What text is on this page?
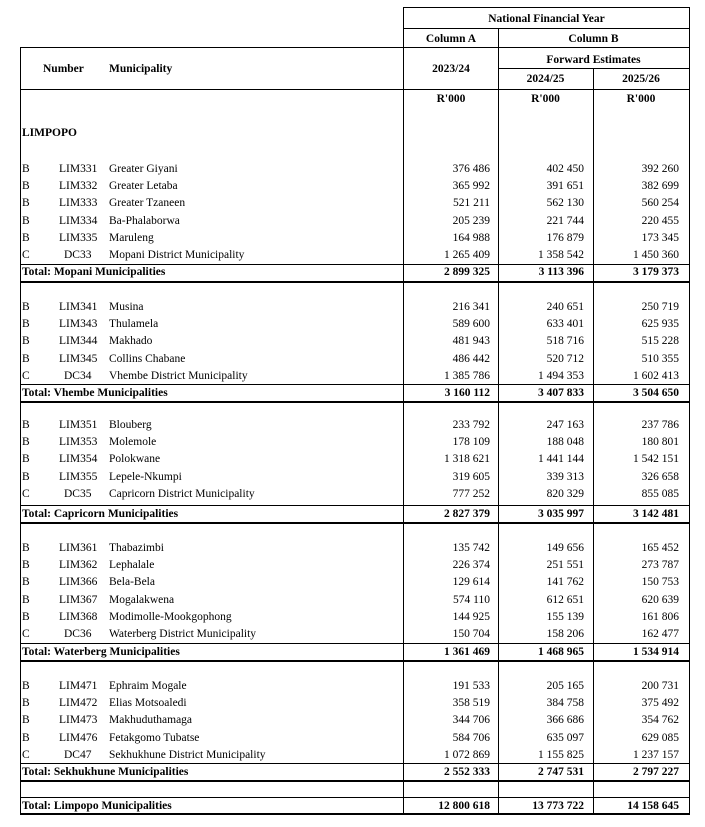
National Financial Year
Column A	Column B
Forward Estimates
Number Municipality	2023/24
2024/25	2025/26
R'000	R'000	R'000
LIMPOPO
B	LIM331 Greater Giyani	376 486	402 450	392 260
B	LIM332 Greater Letaba	365 992	391 651	382 699
B	LIM333 Greater Tzaneen	521 211	562 130	560 254
B	LIM334 Ba-Phalaborwa	205 239	221 744	220 455
B	LIM335 Maruleng	164 988	176 879	173 345
C	DC33 Mopani District Municipality	1 265 409	1 358 542	1 450 360
Total: Mopani Municipalities	2 899 325	3 113 396	3 179 373
B	LIM341 Musina	216 341	240 651	250 719
B	LIM343 Thulamela	589 600	633 401	625 935
B	LIM344 Makhado	481 943	518 716	515 228
B	LIM345 Collins Chabane	486 442	520 712	510 355
C	DC34 Vhembe District Municipality	1 385 786	1 494 353	1 602 413
Total: Vhembe Municipalities	3 160 112	3 407 833	3 504 650
B	LIM351 Blouberg	233 792	247 163	237 786
B	LIM353 Molemole	178 109	188 048	180 801
B	LIM354 Polokwane	1 318 621	1 441 144	1 542 151
B	LIM355 Lepele-Nkumpi	319 605	339 313	326 658
C	DC35 Capricorn District Municipality	777 252	820 329	855 085
Total: Capricorn Municipalities	2 827 379	3 035 997	3 142 481
B	LIM361 Thabazimbi	135 742	149 656	165 452
B	LIM362 Lephalale	226 374	251 551	273 787
B	LIM366 Bela-Bela	129 614	141 762	150 753
B	LIM367 Mogalakwena	574 110	612 651	620 639
B	LIM368 Modimolle-Mookgophong	144 925	155 139	161 806
C	DC36 Waterberg District Municipality	150 704	158 206	162 477
Total: Waterberg Municipalities	1 361 469	1 468 965	1 534 914
B	LIM471 Ephraim Mogale	191 533	205 165	200 731
B	LIM472 Elias Motsoaledi	358 519	384 758	375 492
B	LIM473 Makhuduthamaga	344 706	366 686	354 762
B	LIM476 Fetakgomo Tubatse	584 706	635 097	629 085
C	DC47 Sekhukhune District Municipality	1 072 869	1 155 825	1 237 157
Total: Sekhukhune Municipalities	2 552 333	2 747 531	2 797 227
Total: Limpopo Municipalities	12 800 618	13 773 722	14 158 645
